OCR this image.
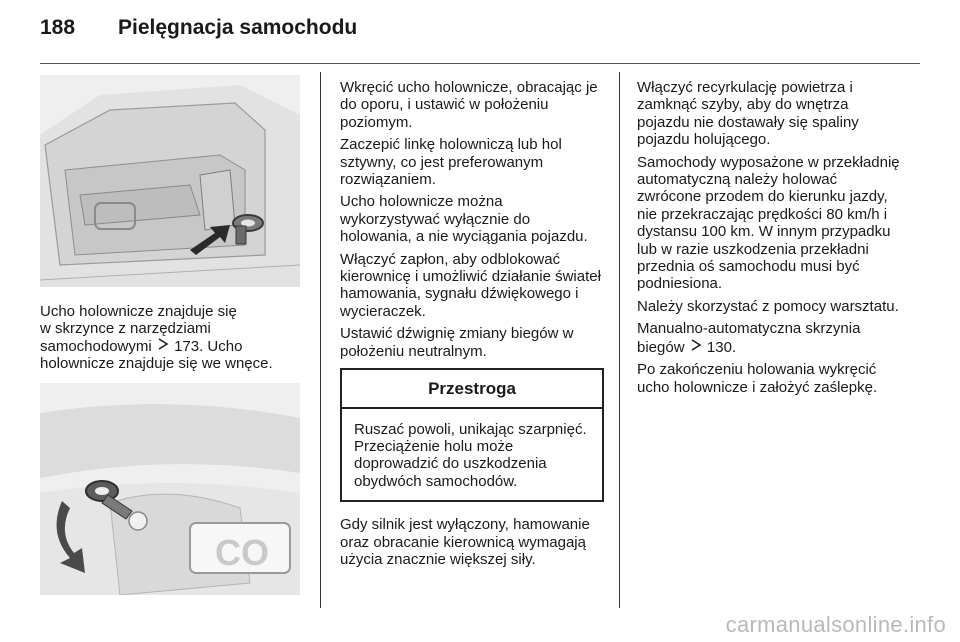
188	Pielęgnacja samochodu

Ucho holownicze znajduje się
w skrzynce z narzędziami
samochodowymi 173. Ucho
holownicze znajduje się we wnęce.

CO

Wkręcić ucho holownicze, obracając je do oporu, i ustawić w położeniu poziomym.

Zaczepić linkę holowniczą lub hol sztywny, co jest preferowanym rozwiązaniem.

Ucho holownicze można wykorzystywać wyłącznie do holowania, a nie wyciągania pojazdu.

Włączyć zapłon, aby odblokować kierownicę i umożliwić działanie świateł hamowania, sygnału dźwiękowego i wycieraczek.

Ustawić dźwignię zmiany biegów w położeniu neutralnym.

Przestroga
Ruszać powoli, unikając szarpnięć. Przeciążenie holu może doprowadzić do uszkodzenia obydwóch samochodów.

Gdy silnik jest wyłączony, hamowanie oraz obracanie kierownicą wymagają użycia znacznie większej siły.

Włączyć recyrkulację powietrza i zamknąć szyby, aby do wnętrza pojazdu nie dostawały się spaliny pojazdu holującego.

Samochody wyposażone w przekładnię automatyczną należy holować zwrócone przodem do kierunku jazdy, nie przekraczając prędkości 80 km/h i dystansu 100 km. W innym przypadku lub w razie uszkodzenia przekładni przednia oś samochodu musi być podniesiona.

Należy skorzystać z pomocy warsztatu.

Manualno-automatyczna skrzynia biegów 130.

Po zakończeniu holowania wykręcić ucho holownicze i założyć zaślepkę.

carmanualsonline.info
